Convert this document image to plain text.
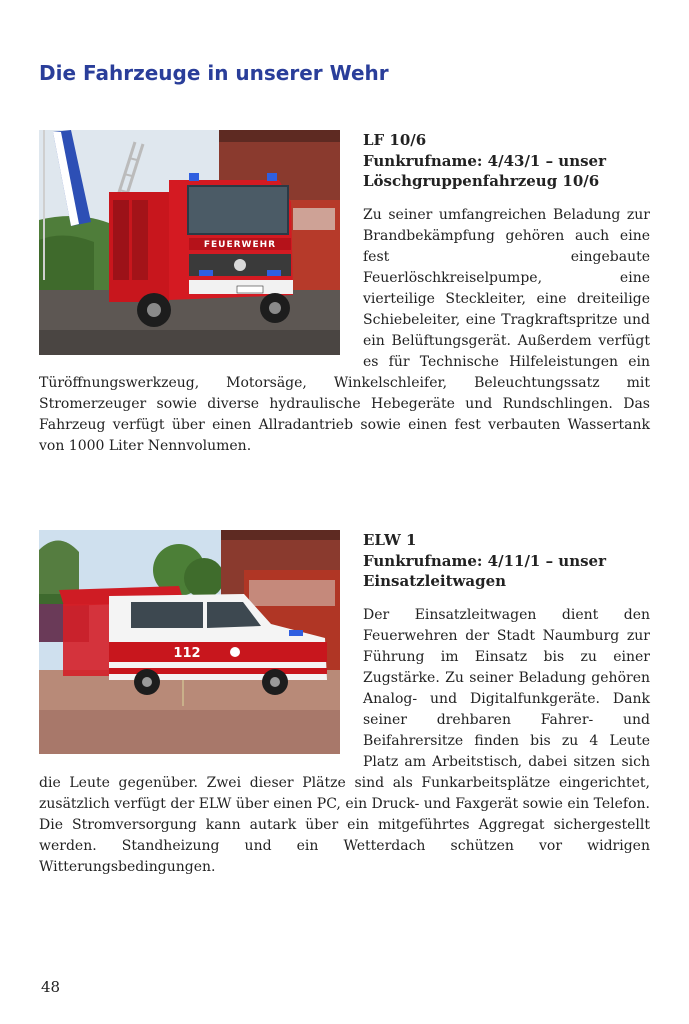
Die Fahrzeuge in unserer Wehr
FEUERWEHR
LF 10/6
Funkrufname: 4/43/1 – unser
Löschgruppenfahrzeug 10/6

Zu seiner umfangreichen Beladung zur Brandbekämpfung gehören auch eine fest eingebaute Feuerlöschkreiselpumpe, eine vierteilige Steckleiter, eine dreiteilige Schiebeleiter, eine Tragkraftspritze und ein Belüftungsgerät. Außerdem verfügt es für Technische Hilfeleistungen ein Türöffnungswerkzeug, Motorsäge, Winkelschleifer, Beleuchtungssatz mit Stromerzeuger sowie diverse hydraulische Hebegeräte und Rundschlingen. Das Fahrzeug verfügt über einen Allradantrieb sowie einen fest verbauten Wassertank von 1000 Liter Nennvolumen.

112
ELW 1
Funkrufname: 4/11/1 – unser
Einsatzleitwagen

Der Einsatzleitwagen dient den Feuerwehren der Stadt Naumburg zur Führung im Einsatz bis zu einer Zugstärke. Zu seiner Beladung gehören Analog- und Digitalfunkgeräte. Dank seiner drehbaren Fahrer- und Beifahrersitze finden bis zu 4 Leute Platz am Arbeitstisch, dabei sitzen sich die Leute gegenüber. Zwei dieser Plätze sind als Funkarbeitsplätze eingerichtet, zusätzlich verfügt der ELW über einen PC, ein Druck- und Faxgerät sowie ein Telefon. Die Stromversorgung kann autark über ein mitgeführtes Aggregat sichergestellt werden. Standheizung und ein Wetterdach schützen vor widrigen Witterungsbedingungen.

48
